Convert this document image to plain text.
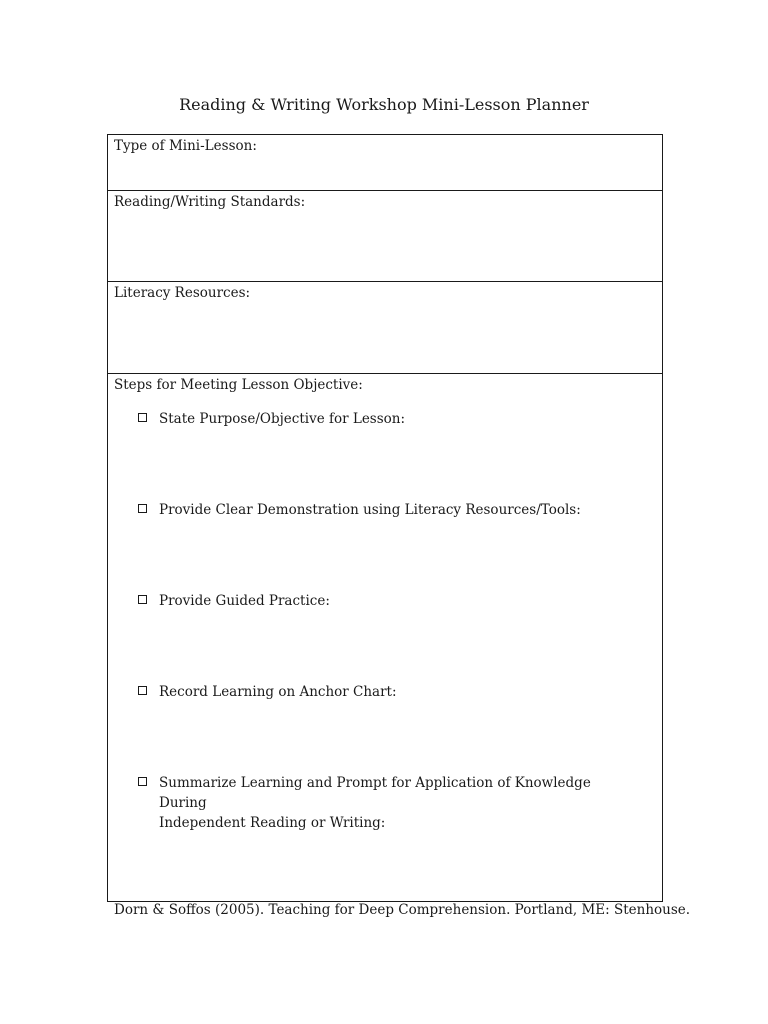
Reading & Writing Workshop Mini-Lesson Planner
Type of Mini-Lesson:
Reading/Writing Standards:
Literacy Resources:
Steps for Meeting Lesson Objective:
State Purpose/Objective for Lesson:
Provide Clear Demonstration using Literacy Resources/Tools:
Provide Guided Practice:
Record Learning on Anchor Chart:
Summarize Learning and Prompt for Application of Knowledge During
Independent Reading or Writing:
Dorn & Soffos (2005). Teaching for Deep Comprehension. Portland, ME: Stenhouse.
